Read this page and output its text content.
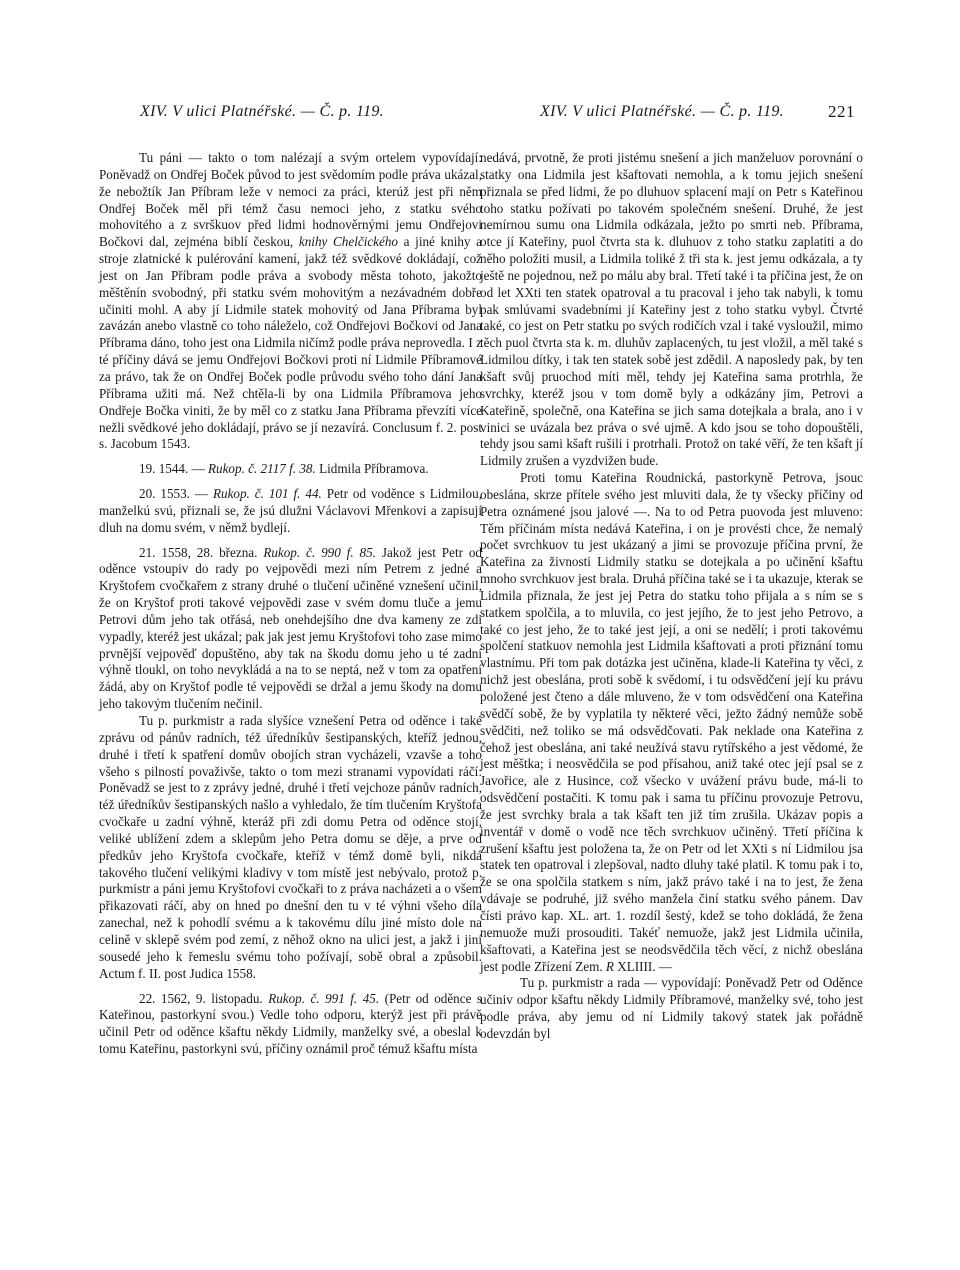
XIV. V ulici Platnéřské. — Č. p. 119.	XIV. V ulici Platnéřské. — Č. p. 119.	221

Tu páni — takto o tom nalézají a svým ortelem vypovídají: Poněvadž on Ondřej Boček původ to jest svědomím podle práva ukázal, že nebožtík Jan Příbram leže v nemoci za práci, kterúž jest při něm Ondřej Boček měl při témž času nemoci jeho, z statku svého mohovitého a z svrškuov před lidmi hodnověrnými jemu Ondřejovi Bočkovi dal, zejména biblí českou, knihy Chelčického a jiné knihy a stroje zlatnické k pulérování kamení, jakž též svědkové dokládají, což jest on Jan Příbram podle práva a svobody města tohoto, jakožto měštěnín svobodný, při statku svém mohovitým a nezávadném dobře učiniti mohl. A aby jí Lidmile statek mohovitý od Jana Příbrama byl zavázán anebo vlastně co toho náleželo, což Ondřejovi Bočkovi od Jana Příbrama dáno, toho jest ona Lidmila ničímž podle práva neprovedla. I z té příčiny dává se jemu Ondřejovi Bočkovi proti ní Lidmile Příbramové za právo, tak že on Ondřej Boček podle průvodu svého toho dání Jana Příbrama užiti má. Než chtěla-li by ona Lidmila Příbramova jeho Ondřeje Bočka viniti, že by měl co z statku Jana Příbrama převzíti více nežli svědkové jeho dokládají, právo se jí nezavírá. Conclusum f. 2. post s. Jacobum 1543.

19. 1544. — Rukop. č. 2117 f. 38. Lidmila Příbramova.

20. 1553. — Rukop. č. 101 f. 44. Petr od voděnce s Lidmilou, manželkú svú, přiznali se, že jsú dlužni Václavovi Mřenkovi a zapisují dluh na domu svém, v němž bydlejí.

21. 1558, 28. března. Rukop. č. 990 f. 85. Jakož jest Petr od oděnce vstoupiv do rady po vejpovědi mezi ním Petrem z jedné a Kryštofem cvočkařem z strany druhé o tlučení učiněné vznešení učinil, že on Kryštof proti takové vejpovědi zase v svém domu tluče a jemu Petrovi dům jeho tak otřásá, neb onehdejšího dne dva kameny ze zdi vypadly, kteréž jest ukázal; pak jak jest jemu Kryštofovi toho zase mimo prvnější vejpověď dopuštěno, aby tak na škodu domu jeho u té zadní výhně tloukl, on toho nevykládá a na to se neptá, než v tom za opatření žádá, aby on Kryštof podle té vejpovědi se držal a jemu škody na domu jeho takovým tlučením nečinil.

Tu p. purkmistr a rada slyšíce vznešení Petra od oděnce i také zprávu od pánův radních, též úředníkův šestipanských, kteříž jednou, druhé i třetí k spatření domův obojích stran vycházeli, vzavše a toho všeho s pilností považivše, takto o tom mezi stranami vypovídati ráčí: Poněvadž se jest to z zprávy jedné, druhé i třetí vejchoze pánův radních, též úředníkův šestipanských našlo a vyhledalo, že tím tlučením Kryštofa cvočkaře u zadní výhně, kteráž při zdi domu Petra od oděnce stojí, veliké ublížení zdem a sklepům jeho Petra domu se děje, a prve od předkův jeho Kryštofa cvočkaře, kteříž v témž domě byli, nikdá takového tlučení velikými kladivy v tom místě jest nebývalo, protož p. purkmistr a páni jemu Kryštofovi cvočkaři to z práva nacházeti a o všem přikazovati ráčí, aby on hned po dnešní den tu v té výhni všeho díla zanechal, než k pohodlí svému a k takovému dílu jiné místo dole na celině v sklepě svém pod zemí, z něhož okno na ulici jest, a jakž i jiní sousedé jeho k řemeslu svému toho požívají, sobě obral a způsobil. Actum f. II. post Judica 1558.

22. 1562, 9. listopadu. Rukop. č. 991 f. 45. (Petr od oděnce s Kateřinou, pastorkyní svou.) Vedle toho odporu, kterýž jest při právě učinil Petr od oděnce kšaftu někdy Lidmily, manželky své, a obeslal k tomu Kateřinu, pastorkyni svú, příčiny oznámil proč témuž kšaftu místa

nedává, prvotně, že proti jistému snešení a jich manželuov porovnání o statky ona Lidmila jest kšaftovati nemohla, a k tomu jejich snešení přiznala se před lidmi, že po dluhuov splacení mají on Petr s Kateřinou toho statku požívati po takovém společném snešení. Druhé, že jest nemírnou sumu ona Lidmila odkázala, ježto po smrti neb. Příbrama, otce jí Kateřiny, puol čtvrta sta k. dluhuov z toho statku zaplatiti a do něho položiti musil, a Lidmila toliké ž tři sta k. jest jemu odkázala, a ty ještě ne pojednou, než po málu aby bral. Třetí také i ta příčina jest, že on od let XXti ten statek opatroval a tu pracoval i jeho tak nabyli, k tomu pak smlúvami svadebními jí Kateřiny jest z toho statku vybyl. Čtvrté také, co jest on Petr statku po svých rodičích vzal i také vysloužil, mimo těch puol čtvrta sta k. m. dluhův zaplacených, tu jest vložil, a měl také s Lidmilou dítky, i tak ten statek sobě jest zdědil. A naposledy pak, by ten kšaft svůj pruochod míti měl, tehdy jej Kateřina sama protrhla, že svrchky, kteréž jsou v tom domě byly a odkázány jim, Petrovi a Kateřině, společně, ona Kateřina se jich sama dotejkala a brala, ano i v vinici se uvázala bez práva o své ujmě. A kdo jsou se toho dopouštěli, tehdy jsou sami kšaft rušili i protrhali. Protož on také věří, že ten kšaft jí Lidmily zrušen a vyzdvižen bude.

Proti tomu Kateřina Roudnická, pastorkyně Petrova, jsouc obeslána, skrze přítele svého jest mluviti dala, že ty všecky příčiny od Petra oznámené jsou jalové —. Na to od Petra puovoda jest mluveno: Těm příčinám místa nedává Kateřina, i on je provésti chce, že nemalý počet svrchkuov tu jest ukázaný a jimi se provozuje příčina první, že Kateřina za živnosti Lidmily statku se dotejkala a po učinění kšaftu mnoho svrchkuov jest brala. Druhá příčina také se i ta ukazuje, kterak se Lidmila přiznala, že jest jej Petra do statku toho přijala a s ním se s statkem spolčila, a to mluvila, co jest jejího, že to jest jeho Petrovo, a také co jest jeho, že to také jest její, a oni se nedělí; i proti takovému spolčení statkuov nemohla jest Lidmila kšaftovati a proti přiznání tomu vlastnímu. Při tom pak dotázka jest učiněna, klade-li Kateřina ty věci, z nichž jest obeslána, proti sobě k svědomí, i tu odsvědčení její ku právu položené jest čteno a dále mluveno, že v tom odsvědčení ona Kateřina svědčí sobě, že by vyplatila ty některé věci, ježto žádný nemůže sobě svědčiti, než toliko se má odsvědčovati. Pak neklade ona Kateřina z čehož jest obeslána, ani také neužívá stavu rytířského a jest vědomé, že jest měštka; i neosvědčila se pod přísahou, aniž také otec její psal se z Javořice, ale z Husince, což všecko v uvážení právu bude, má-li to odsvědčení postačiti. K tomu pak i sama tu příčinu provozuje Petrovu, že jest svrchky brala a tak kšaft ten již tím zrušila. Ukázav popis a inventář v domě o vodě nce těch svrchkuov učiněný. Třetí příčina k zrušení kšaftu jest položena ta, že on Petr od let XXti s ní Lidmilou jsa statek ten opatroval i zlepšoval, nadto dluhy také platil. K tomu pak i to, že se ona spolčila statkem s ním, jakž právo také i na to jest, že žena vdávaje se podruhé, již svého manžela činí statku svého pánem. Dav čísti právo kap. XL. art. 1. rozdíl šestý, kdež se toho dokládá, že žena nemuože muži prosouditi. Takéť nemuože, jakž jest Lidmila učinila, kšaftovati, a Kateřina jest se neodsvědčila těch věcí, z nichž obeslána jest podle Zřízení Zem. R XLIIII. —

Tu p. purkmistr a rada — vypovídají: Poněvadž Petr od Oděnce učiniv odpor kšaftu někdy Lidmily Příbramové, manželky své, toho jest podle práva, aby jemu od ní Lidmily takový statek jak pořádně odevzdán byl
